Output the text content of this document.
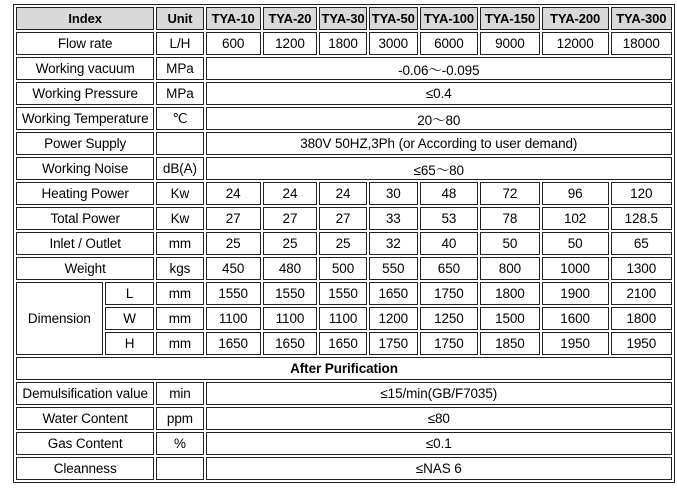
Index		Unit	TYA-10	TYA-20	TYA-30	TYA-50	TYA-100	TYA-150	TYA-200	TYA-300
Flow rate		L/H	600	1200	1800	3000	6000	9000	12000	18000
Working vacuum		MPa	-0.06～-0.095							
Working Pressure		MPa	≤0.4							
Working Temperature		℃	20～80							
Power Supply			380V 50HZ,3Ph (or According to user demand)							
Working Noise		dB(A)	≤65～80							
Heating Power		Kw	24	24	24	30	48	72	96	120
Total Power		Kw	27	27	27	33	53	78	102	128.5
Inlet / Outlet		mm	25	25	25	32	40	50	50	65
Weight		kgs	450	480	500	550	650	800	1000	1300
Dimension	L	mm	1550	1550	1550	1650	1750	1800	1900	2100
	W	mm	1100	1100	1100	1200	1250	1500	1600	1800
	H	mm	1650	1650	1650	1750	1750	1850	1950	1950
After Purification										
Demulsification value		min	≤15/min(GB/F7035)							
Water Content		ppm	≤80							
Gas Content		%	≤0.1							
Cleanness			≤NAS 6							
